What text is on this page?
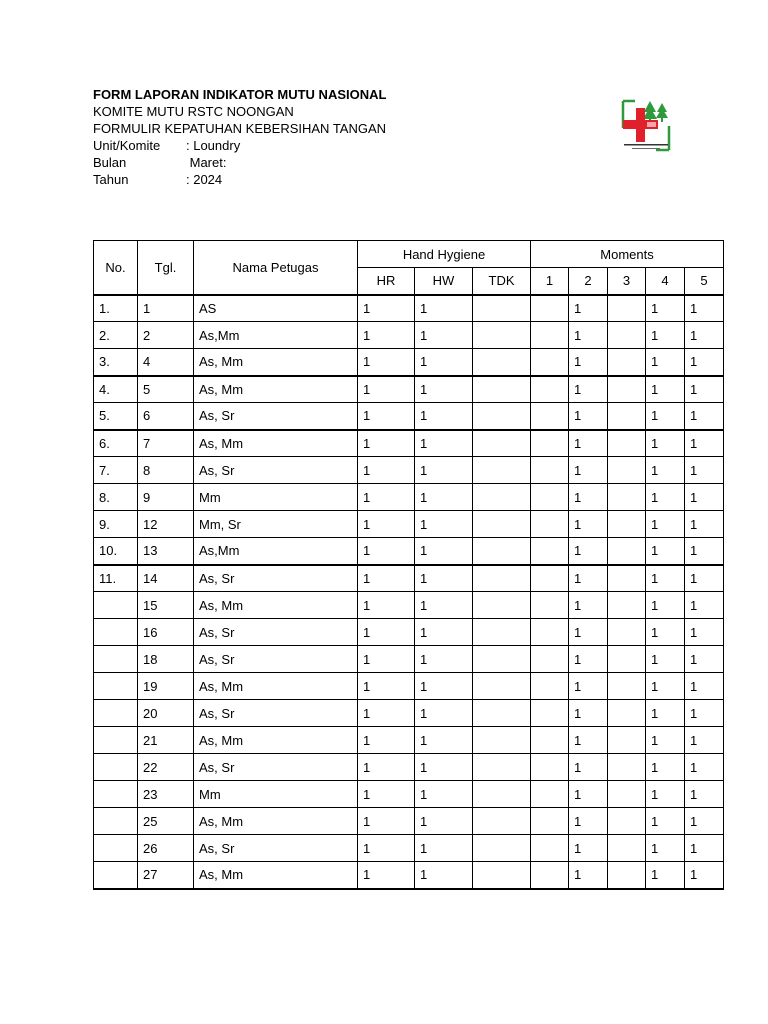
FORM LAPORAN INDIKATOR MUTU NASIONAL
KOMITE MUTU RSTC NOONGAN
FORMULIR KEPATUHAN KEBERSIHAN TANGAN
Unit/Komite	: Loundry
Bulan	Maret:
Tahun	: 2024
No.	Tgl.	Nama Petugas	Hand Hygiene			Moments				
			HR	HW	TDK	1	2	3	4	5
1.	1	AS	1	1			1		1	1
2.	2	As,Mm	1	1			1		1	1
3.	4	As, Mm	1	1			1		1	1
4.	5	As, Mm	1	1			1		1	1
5.	6	As, Sr	1	1			1		1	1
6.	7	As, Mm	1	1			1		1	1
7.	8	As, Sr	1	1			1		1	1
8.	9	Mm	1	1			1		1	1
9.	12	Mm, Sr	1	1			1		1	1
10.	13	As,Mm	1	1			1		1	1
11.	14	As, Sr	1	1			1		1	1
	15	As, Mm	1	1			1		1	1
	16	As, Sr	1	1			1		1	1
	18	As, Sr	1	1			1		1	1
	19	As, Mm	1	1			1		1	1
	20	As, Sr	1	1			1		1	1
	21	As, Mm	1	1			1		1	1
	22	As, Sr	1	1			1		1	1
	23	Mm	1	1			1		1	1
	25	As, Mm	1	1			1		1	1
	26	As, Sr	1	1			1		1	1
	27	As, Mm	1	1			1		1	1
